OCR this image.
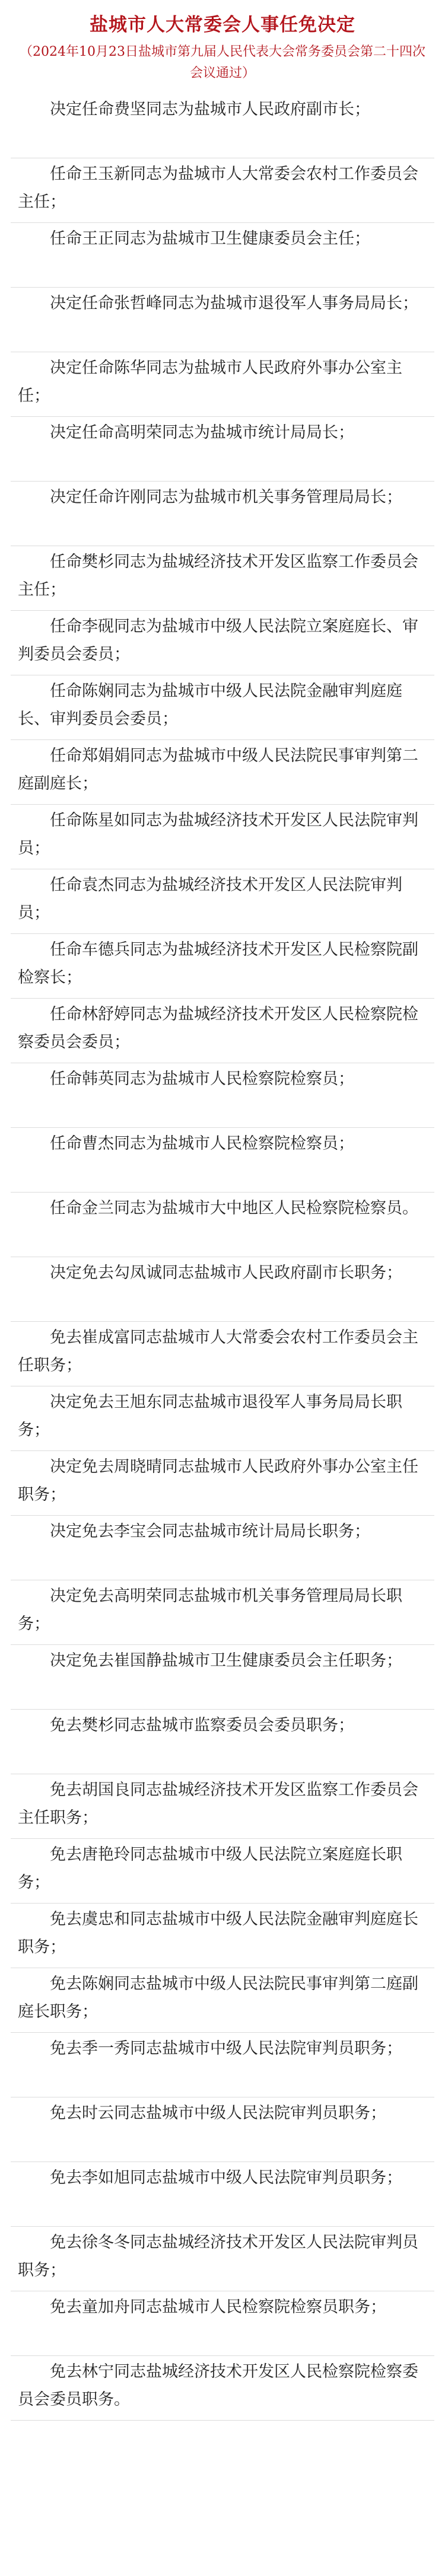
盐城市人大常委会人事任免决定
（2024年10月23日盐城市第九届人民代表大会常务委员会第二十四次会议通过）
决定任命费坚同志为盐城市人民政府副市长；
任命王玉新同志为盐城市人大常委会农村工作委员会主任；
任命王正同志为盐城市卫生健康委员会主任；
决定任命张哲峰同志为盐城市退役军人事务局局长；
决定任命陈华同志为盐城市人民政府外事办公室主任；
决定任命高明荣同志为盐城市统计局局长；
决定任命许刚同志为盐城市机关事务管理局局长；
任命樊杉同志为盐城经济技术开发区监察工作委员会主任；
任命李砚同志为盐城市中级人民法院立案庭庭长、审判委员会委员；
任命陈娴同志为盐城市中级人民法院金融审判庭庭长、审判委员会委员；
任命郑娟娟同志为盐城市中级人民法院民事审判第二庭副庭长；
任命陈星如同志为盐城经济技术开发区人民法院审判员；
任命袁杰同志为盐城经济技术开发区人民法院审判员；
任命车德兵同志为盐城经济技术开发区人民检察院副检察长；
任命林舒婷同志为盐城经济技术开发区人民检察院检察委员会委员；
任命韩英同志为盐城市人民检察院检察员；
任命曹杰同志为盐城市人民检察院检察员；
任命金兰同志为盐城市大中地区人民检察院检察员。
决定免去勾凤诚同志盐城市人民政府副市长职务；
免去崔成富同志盐城市人大常委会农村工作委员会主任职务；
决定免去王旭东同志盐城市退役军人事务局局长职务；
决定免去周晓晴同志盐城市人民政府外事办公室主任职务；
决定免去李宝会同志盐城市统计局局长职务；
决定免去高明荣同志盐城市机关事务管理局局长职务；
决定免去崔国静盐城市卫生健康委员会主任职务；
免去樊杉同志盐城市监察委员会委员职务；
免去胡国良同志盐城经济技术开发区监察工作委员会主任职务；
免去唐艳玲同志盐城市中级人民法院立案庭庭长职务；
免去虞忠和同志盐城市中级人民法院金融审判庭庭长职务；
免去陈娴同志盐城市中级人民法院民事审判第二庭副庭长职务；
免去季一秀同志盐城市中级人民法院审判员职务；
免去时云同志盐城市中级人民法院审判员职务；
免去李如旭同志盐城市中级人民法院审判员职务；
免去徐冬冬同志盐城经济技术开发区人民法院审判员职务；
免去童加舟同志盐城市人民检察院检察员职务；
免去林宁同志盐城经济技术开发区人民检察院检察委员会委员职务。
